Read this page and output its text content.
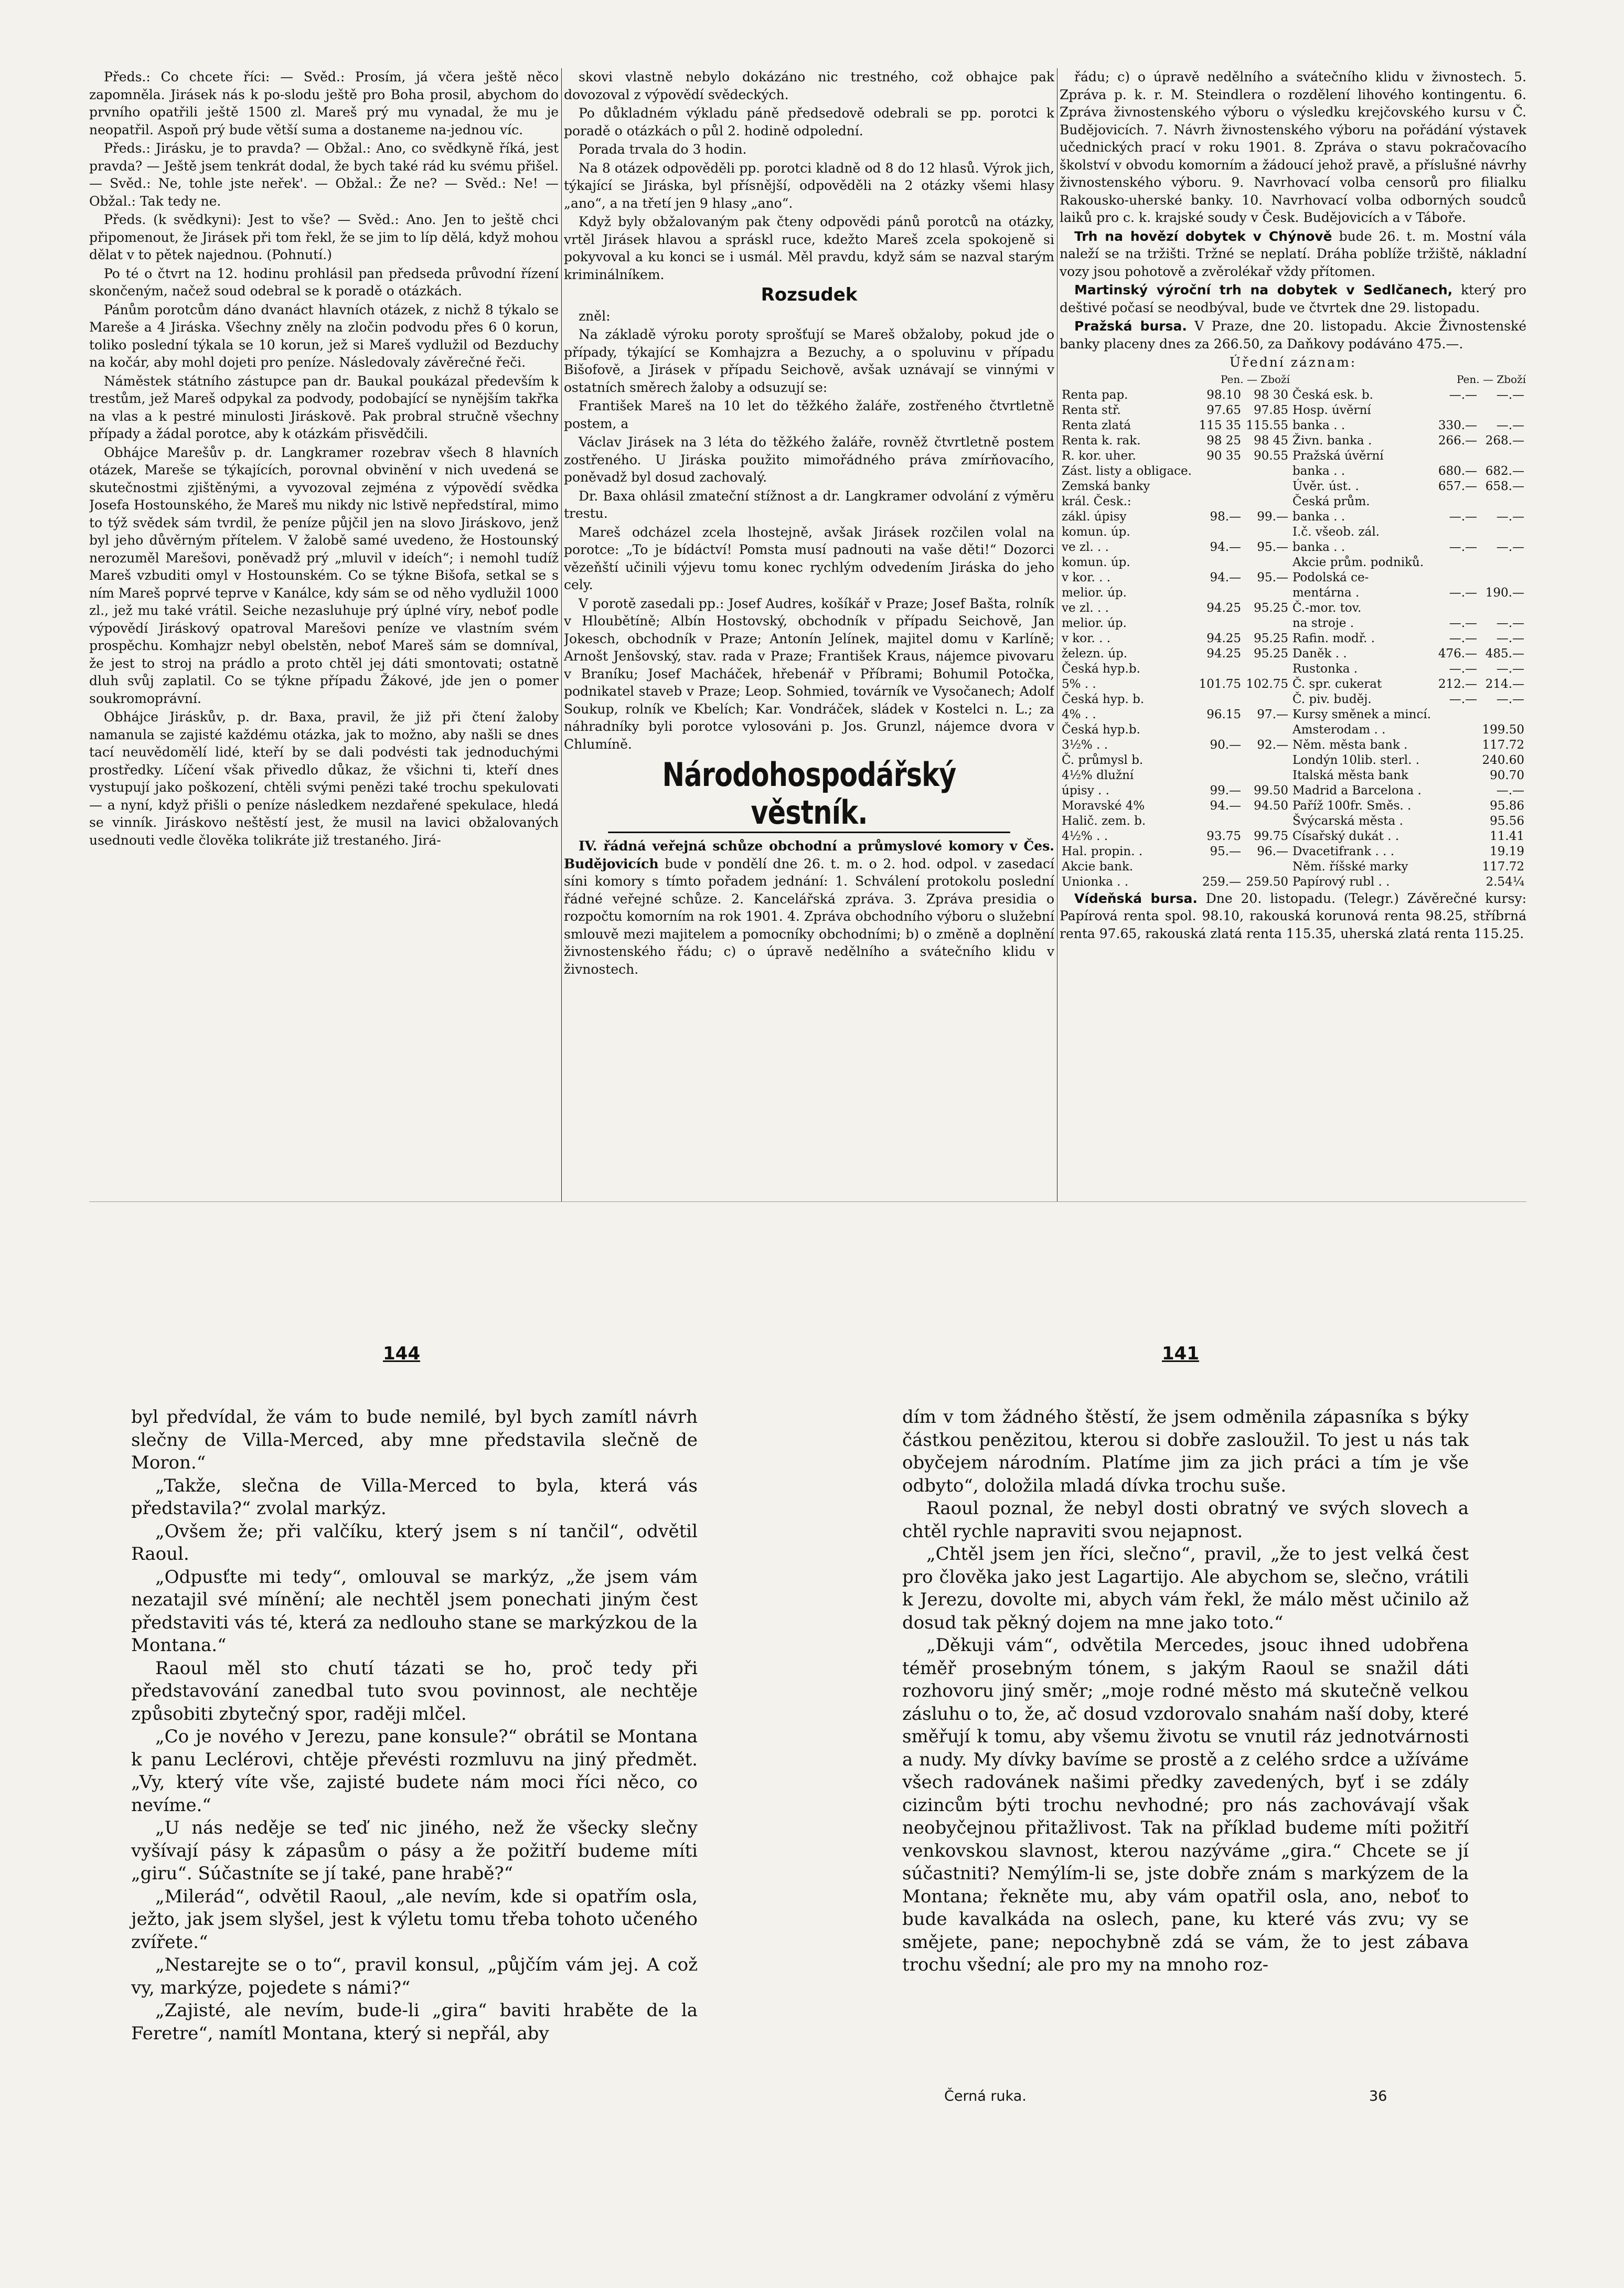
Předs.: Co chcete říci: — Svěd.: Prosím, já včera ještě něco zapomněla. Jirásek nás k po-slodu ještě pro Boha prosil, abychom do prvního opatřili ještě 1500 zl. Mareš prý mu vynadal, že mu je neopatřil. Aspoň prý bude větší suma a dostaneme na-jednou víc.

Předs.: Jirásku, je to pravda? — Obžal.: Ano, co svědkyně říká, jest pravda? — Ještě jsem tenkrát dodal, že bych také rád ku svému přišel. — Svěd.: Ne, tohle jste neřek'. — Obžal.: Že ne? — Svěd.: Ne! — Obžal.: Tak tedy ne.

Předs. (k svědkyni): Jest to vše? — Svěd.: Ano. Jen to ještě chci připomenout, že Jirásek při tom řekl, že se jim to líp dělá, když mohou dělat v to pětek najednou. (Pohnutí.)

Po té o čtvrt na 12. hodinu prohlásil pan předseda průvodní řízení skončeným, načež soud odebral se k poradě o otázkách.

Pánům porotcům dáno dvanáct hlavních otázek, z nichž 8 týkalo se Mareše a 4 Jiráska. Všechny zněly na zločin podvodu přes 6 0 korun, toliko poslední týkala se 10 korun, jež si Mareš vydlužil od Bezduchy na kočár, aby mohl dojeti pro peníze. Následovaly závěrečné řeči.

Náměstek státního zástupce pan dr. Baukal poukázal především k trestům, jež Mareš odpykal za podvody, podobající se nynějším takřka na vlas a k pestré minulosti Jiráskově. Pak probral stručně všechny případy a žádal porotce, aby k otázkám přisvědčili.

Obhájce Marešův p. dr. Langkramer rozebrav všech 8 hlavních otázek, Mareše se týkajících, porovnal obvinění v nich uvedená se skutečnostmi zjištěnými, a vyvozoval zejména z výpovědí svědka Josefa Hostounského, že Mareš mu nikdy nic lstivě nepředstíral, mimo to týž svědek sám tvrdil, že peníze půjčil jen na slovo Jiráskovo, jenž byl jeho důvěrným přítelem. V žalobě samé uvedeno, že Hostounský nerozuměl Marešovi, poněvadž prý „mluvil v ideích“; i nemohl tudíž Mareš vzbuditi omyl v Hostounském. Co se týkne Bišofa, setkal se s ním Mareš poprvé teprve v Kanálce, kdy sám se od něho vydlužil 1000 zl., jež mu také vrátil. Seiche nezasluhuje prý úplné víry, neboť podle výpovědí Jiráskový opatroval Marešovi peníze ve vlastním svém prospěchu. Komhajzr nebyl obelstěn, neboť Mareš sám se domníval, že jest to stroj na prádlo a proto chtěl jej dáti smontovati; ostatně dluh svůj zaplatil. Co se týkne případu Žákové, jde jen o pomer soukromoprávní.

Obhájce Jiráskův, p. dr. Baxa, pravil, že již při čtení žaloby namanula se zajisté každému otázka, jak to možno, aby našli se dnes tací neuvědomělí lidé, kteří by se dali podvésti tak jednoduchými prostředky. Líčení však přivedlo důkaz, že všichni ti, kteří dnes vystupují jako poškození, chtěli svými penězi také trochu spekulovati — a nyní, když přišli o peníze následkem nezdařené spekulace, hledá se vinník. Jiráskovo neštěstí jest, že musil na lavici obžalovaných usednouti vedle člověka tolikráte již trestaného. Jirá-

skovi vlastně nebylo dokázáno nic trestného, což obhajce pak dovozoval z výpovědí svědeckých.

Po důkladném výkladu páně předsedově odebrali se pp. porotci k poradě o otázkách o půl 2. hodině odpolední.

Porada trvala do 3 hodin.

Na 8 otázek odpověděli pp. porotci kladně od 8 do 12 hlasů. Výrok jich, týkající se Jiráska, byl přísnější, odpověděli na 2 otázky všemi hlasy „ano“, a na třetí jen 9 hlasy „ano“.

Když byly obžalovaným pak čteny odpovědi pánů porotců na otázky, vrtěl Jirásek hlavou a spráskl ruce, kdežto Mareš zcela spokojeně si pokyvoval a ku konci se i usmál. Měl pravdu, když sám se nazval starým kriminálníkem.

Rozsudek

zněl:

Na základě výroku poroty sprošťují se Mareš obžaloby, pokud jde o případy, týkající se Komhajzra a Bezuchy, a o spoluvinu v případu Bišofově, a Jirásek v případu Seichově, avšak uznávají se vinnými v ostatních směrech žaloby a odsuzují se:

František Mareš na 10 let do těžkého žaláře, zostřeného čtvrtletně postem, a

Václav Jirásek na 3 léta do těžkého žaláře, rovněž čtvrtletně postem zostřeného. U Jiráska použito mimořádného práva zmírňovacího, poněvadž byl dosud zachovalý.

Dr. Baxa ohlásil zmateční stížnost a dr. Langkramer odvolání z výměru trestu.

Mareš odcházel zcela lhostejně, avšak Jirásek rozčilen volal na porotce: „To je bídáctví! Pomsta musí padnouti na vaše děti!“ Dozorci vězeňští učinili výjevu tomu konec rychlým odvedením Jiráska do jeho cely.

V porotě zasedali pp.: Josef Audres, košíkář v Praze; Josef Bašta, rolník v Hloubětíně; Albín Hostovský, obchodník v případu Seichově, Jan Jokesch, obchodník v Praze; Antonín Jelínek, majitel domu v Karlíně; Arnošt Jenšovský, stav. rada v Praze; František Kraus, nájemce pivovaru v Braníku; Josef Macháček, hřebenář v Příbrami; Bohumil Potočka, podnikatel staveb v Praze; Leop. Sohmied, továrník ve Vysočanech; Adolf Soukup, rolník ve Kbelích; Kar. Vondráček, sládek v Kostelci n. L.; za náhradníky byli porotce vylosováni p. Jos. Grunzl, nájemce dvora v Chlumíně.

Národohospodářský věstník.

IV. řádná veřejná schůze obchodní a průmyslové komory v Čes. Budějovicích bude v pondělí dne 26. t. m. o 2. hod. odpol. v zasedací síni komory s tímto pořadem jednání: 1. Schválení protokolu poslední řádné veřejné schůze. 2. Kancelářská zpráva. 3. Zpráva presidia o rozpočtu komorním na rok 1901. 4. Zpráva obchodního výboru o služební smlouvě mezi majitelem a pomocníky obchodními; b) o změně a doplnění živnostenského řádu; c) o úpravě nedělního a svátečního klidu v živnostech.

řádu; c) o úpravě nedělního a svátečního klidu v živnostech. 5. Zpráva p. k. r. M. Steindlera o rozdělení lihového kontingentu. 6. Zpráva živnostenského výboru o výsledku krejčovského kursu v Č. Budějovicích. 7. Návrh živnostenského výboru na pořádání výstavek učednických prací v roku 1901. 8. Zpráva o stavu pokračovacího školství v obvodu komorním a žádoucí jehož pravě, a příslušné návrhy živnostenského výboru. 9. Navrhovací volba censorů pro filialku Rakousko-uherské banky. 10. Navrhovací volba odborných soudců laiků pro c. k. krajské soudy v Česk. Budějovicích a v Táboře.

Trh na hovězí dobytek v Chýnově bude 26. t. m. Mostní vála naleží se na tržišti. Tržné se neplatí. Dráha poblíže tržiště, nákladní vozy jsou pohotově a zvěrolékař vždy přítomen.

Martinský výroční trh na dobytek v Sedlčanech, který pro deštivé počasí se neodbýval, bude ve čtvrtek dne 29. listopadu.

Pražská bursa. V Praze, dne 20. listopadu. Akcie Živnostenské banky placeny dnes za 266.50, za Daňkovy podáváno 475.—.

Úřední záznam:
	Pen. — Zboží			Pen. — Zboží	
Renta pap.	98.10	98 30	Česká esk. b.	—.—	—.—
Renta stř.	97.65	97.85	Hosp. úvěrní		
Renta zlatá	115 35	115.55	banka . .	330.—	—.—
Renta k. rak.	98 25	98 45	Živn. banka .	266.—	268.—
R. kor. uher.	90 35	90.55	Pražská úvěrní		
Zást. listy a obligace.			banka . .	680.—	682.—
Zemská banky			Úvěr. úst. .	657.—	658.—
král. Česk.:			Česká prům.		
zákl. úpisy	98.—	99.—	banka . .	—.—	—.—
komun. úp.			I.č. všeob. zál.		
ve zl. . .	94.—	95.—	banka . .	—.—	—.—
komun. úp.			Akcie prům. podniků.		
v kor. . .	94.—	95.—	Podolská ce-		
melior. úp.			mentárna .	—.—	190.—
ve zl. . .	94.25	95.25	Č.-mor. tov.		
melior. úp.			na stroje .	—.—	—.—
v kor. . .	94.25	95.25	Rafin. modř. .	—.—	—.—
železn. úp.	94.25	95.25	Daněk . .	476.—	485.—
Česká hyp.b.			Rustonka .	—.—	—.—
5% . .	101.75	102.75	Č. spr. cukerat	212.—	214.—
Česká hyp. b.			Č. piv. buděj.	—.—	—.—
4% . .	96.15	97.—	Kursy směnek a mincí.		
Česká hyp.b.			Amsterodam . .		199.50
3½% . .	90.—	92.—	Něm. města bank .		117.72
Č. průmysl b.			Londýn 10lib. sterl. .		240.60
4½% dlužní			Italská města bank		90.70
úpisy . .	99.—	99.50	Madrid a Barcelona .		—.—
Moravské 4%	94.—	94.50	Paříž 100fr. Směs. .		95.86
Halič. zem. b.			Švýcarská města .		95.56
4½% . .	93.75	99.75	Císařský dukát . .		11.41
Hal. propin. .	95.—	96.—	Dvacetifrank . . .		19.19
Akcie bank.			Něm. říšské marky		117.72
Unionka . .	259.—	259.50	Papírový rubl . .		2.54¼

Vídeňská bursa. Dne 20. listopadu. (Telegr.) Závěrečné kursy: Papírová renta spol. 98.10, rakouská korunová renta 98.25, stříbrná renta 97.65, rakouská zlatá renta 115.35, uherská zlatá renta 115.25.

144	141

byl předvídal, že vám to bude nemilé, byl bych zamítl návrh slečny de Villa-Merced, aby mne představila slečně de Moron.“

„Takže, slečna de Villa-Merced to byla, která vás představila?“ zvolal markýz.

„Ovšem že; při valčíku, který jsem s ní tančil“, odvětil Raoul.

„Odpusťte mi tedy“, omlouval se markýz, „že jsem vám nezatajil své mínění; ale nechtěl jsem ponechati jiným čest představiti vás té, která za nedlouho stane se markýzkou de la Montana.“

Raoul měl sto chutí tázati se ho, proč tedy při představování zanedbal tuto svou povinnost, ale nechtěje způsobiti zbytečný spor, raději mlčel.

„Co je nového v Jerezu, pane konsule?“ obrátil se Montana k panu Leclérovi, chtěje převésti rozmluvu na jiný předmět. „Vy, který víte vše, zajisté budete nám moci říci něco, co nevíme.“

„U nás neděje se teď nic jiného, než že všecky slečny vyšívají pásy k zápasům o pásy a že požitří budeme míti „giru“. Súčastníte se jí také, pane hrabě?“

„Milerád“, odvětil Raoul, „ale nevím, kde si opatřím osla, ježto, jak jsem slyšel, jest k výletu tomu třeba tohoto učeného zvířete.“

„Nestarejte se o to“, pravil konsul, „půjčím vám jej. A což vy, markýze, pojedete s námi?“

„Zajisté, ale nevím, bude-li „gira“ baviti hraběte de la Feretre“, namítl Montana, který si nepřál, aby

dím v tom žádného štěstí, že jsem odměnila zápasníka s býky částkou penězitou, kterou si dobře zasloužil. To jest u nás tak obyčejem národním. Platíme jim za jich práci a tím je vše odbyto“, doložila mladá dívka trochu suše.

Raoul poznal, že nebyl dosti obratný ve svých slovech a chtěl rychle napraviti svou nejapnost.

„Chtěl jsem jen říci, slečno“, pravil, „že to jest velká čest pro člověka jako jest Lagartijo. Ale abychom se, slečno, vrátili k Jerezu, dovolte mi, abych vám řekl, že málo měst učinilo až dosud tak pěkný dojem na mne jako toto.“

„Děkuji vám“, odvětila Mercedes, jsouc ihned udobřena téměř prosebným tónem, s jakým Raoul se snažil dáti rozhovoru jiný směr; „moje rodné město má skutečně velkou zásluhu o to, že, ač dosud vzdorovalo snahám naší doby, které směřují k tomu, aby všemu životu se vnutil ráz jednotvárnosti a nudy. My dívky bavíme se prostě a z celého srdce a užíváme všech radovánek našimi předky zavedených, byť i se zdály cizincům býti trochu nevhodné; pro nás zachovávají však neobyčejnou přitažlivost. Tak na příklad budeme míti požitří venkovskou slavnost, kterou nazýváme „gira.“ Chcete se jí súčastniti? Nemýlím-li se, jste dobře znám s markýzem de la Montana; řekněte mu, aby vám opatřil osla, ano, neboť to bude kavalkáda na oslech, pane, ku které vás zvu; vy se smějete, pane; nepochybně zdá se vám, že to jest zábava trochu všední; ale pro my na mnoho roz-

Černá ruka.	36
